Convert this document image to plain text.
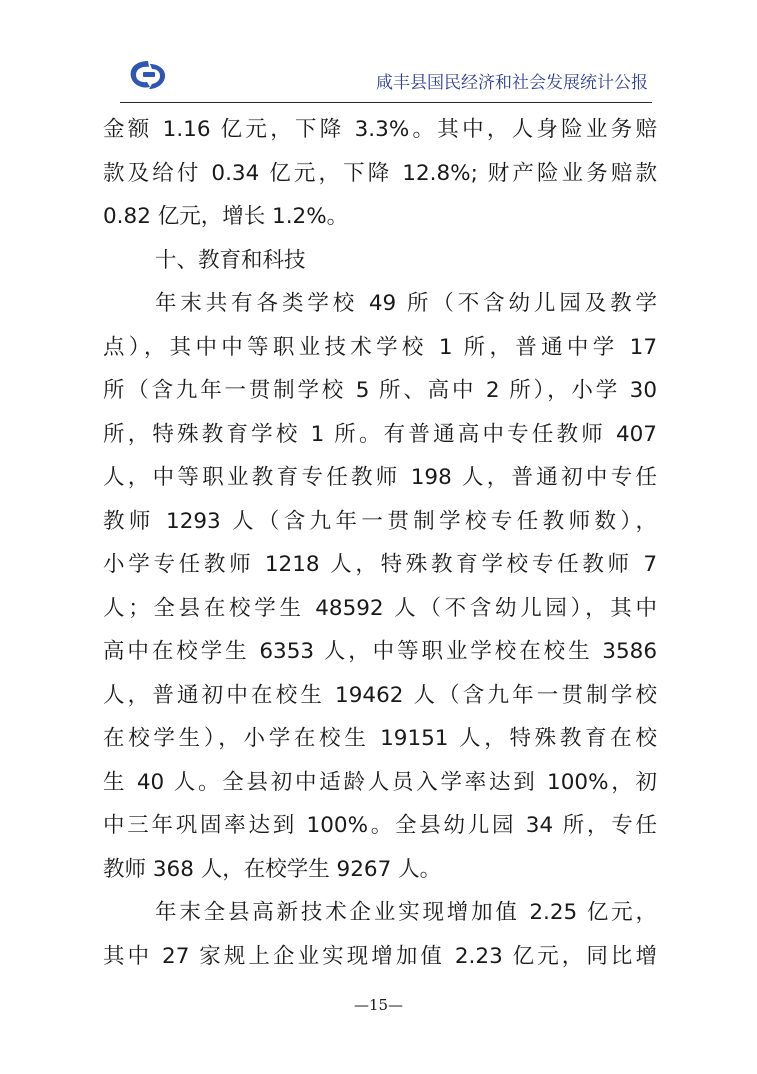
咸丰县国民经济和社会发展统计公报
金额 1.16 亿元，下降 3.3%。其中，人身险业务赔
款及给付 0.34 亿元，下降 12.8%; 财产险业务赔款
0.82 亿元，增长 1.2%。
十、教育和科技
年末共有各类学校 49 所（不含幼儿园及教学
点），其中中等职业技术学校 1 所，普通中学 17
所（含九年一贯制学校 5 所、高中 2 所），小学 30
所，特殊教育学校 1 所。有普通高中专任教师 407
人，中等职业教育专任教师 198 人，普通初中专任
教师 1293 人（含九年一贯制学校专任教师数），
小学专任教师 1218 人，特殊教育学校专任教师 7
人；全县在校学生 48592 人（不含幼儿园），其中
高中在校学生 6353 人，中等职业学校在校生 3586
人，普通初中在校生 19462 人（含九年一贯制学校
在校学生），小学在校生 19151 人，特殊教育在校
生 40 人。全县初中适龄人员入学率达到 100%，初
中三年巩固率达到 100%。全县幼儿园 34 所，专任
教师 368 人，在校学生 9267 人。
年末全县高新技术企业实现增加值 2.25 亿元，
其中 27 家规上企业实现增加值 2.23 亿元，同比增
—15—
